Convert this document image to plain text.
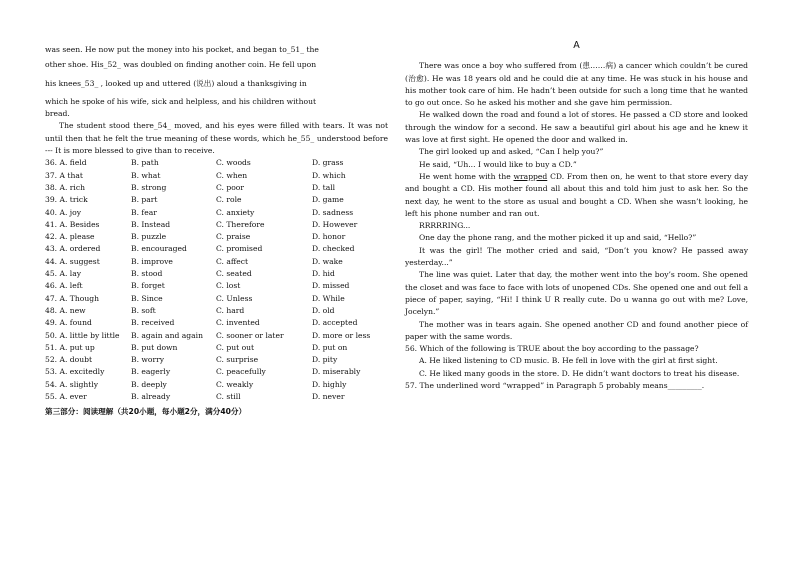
was seen. He now put the money into his pocket, and began to_51_ the

other shoe. His_52_ was doubled on finding another coin. He fell upon

his knees_53_ , looked up and uttered (说出) aloud a thanksgiving in

which he spoke of his wife, sick and helpless, and his children without

bread.

The student stood there_54_ moved, and his eyes were filled with tears. It was not until then that he felt the true meaning of these words, which he_55_ understood before --- It is more blessed to give than to receive.

36. A. field	B. path	C. woods	D. grass
37. A that	B. what	C. when	D. which
38. A. rich	B. strong	C. poor	D. tall
39. A. trick	B. part	C. role	D. game
40. A. joy	B. fear	C. anxiety	D. sadness
41. A. Besides	B. Instead	C. Therefore	D. However
42. A. please	B. puzzle	C. praise	D. honor
43. A. ordered	B. encouraged	C. promised	D. checked
44. A. suggest	B. improve	C. affect	D. wake
45. A. lay	B. stood	C. seated	D. hid
46. A. left	B. forget	C. lost	D. missed
47. A. Though	B. Since	C. Unless	D. While
48. A. new	B. soft	C. hard	D. old
49. A. found	B. received	C. invented	D. accepted
50. A. little by little	B. again and again	C. sooner or later	D. more or less
51. A. put up	B. put down	C. put out	D. put on
52. A. doubt	B. worry	C. surprise	D. pity
53. A. excitedly	B. eagerly	C. peacefully	D. miserably
54. A. slightly	B. deeply	C. weakly	D. highly
55. A. ever	B. already	C. still	D. never
第三部分：阅读理解（共20小题，每小题2分，满分40分）
A

There was once a boy who suffered from (患……病) a cancer which couldn’t be cured (治愈). He was 18 years old and he could die at any time. He was stuck in his house and his mother took care of him. He hadn’t been outside for such a long time that he wanted to go out once. So he asked his mother and she gave him permission.

He walked down the road and found a lot of stores. He passed a CD store and looked through the window for a second. He saw a beautiful girl about his age and he knew it was love at first sight. He opened the door and walked in.

The girl looked up and asked, “Can I help you?”

He said, “Uh... I would like to buy a CD.”

He went home with the wrapped CD. From then on, he went to that store every day and bought a CD. His mother found all about this and told him just to ask her. So the next day, he went to the store as usual and bought a CD. When she wasn’t looking, he left his phone number and ran out.

RRRRRING...

One day the phone rang, and the mother picked it up and said, “Hello?”

It was the girl! The mother cried and said, “Don’t you know? He passed away yesterday...”

The line was quiet. Later that day, the mother went into the boy’s room. She opened the closet and was face to face with lots of unopened CDs. She opened one and out fell a piece of paper, saying, “Hi! I think U R really cute. Do u wanna go out with me? Love, Jocelyn.”

The mother was in tears again. She opened another CD and found another piece of paper with the same words.

56. Which of the following is TRUE about the boy according to the passage?

A. He liked listening to CD music. B. He fell in love with the girl at first sight.

C. He liked many goods in the store. D. He didn’t want doctors to treat his disease.

57. The underlined word “wrapped” in Paragraph 5 probably means_________.
